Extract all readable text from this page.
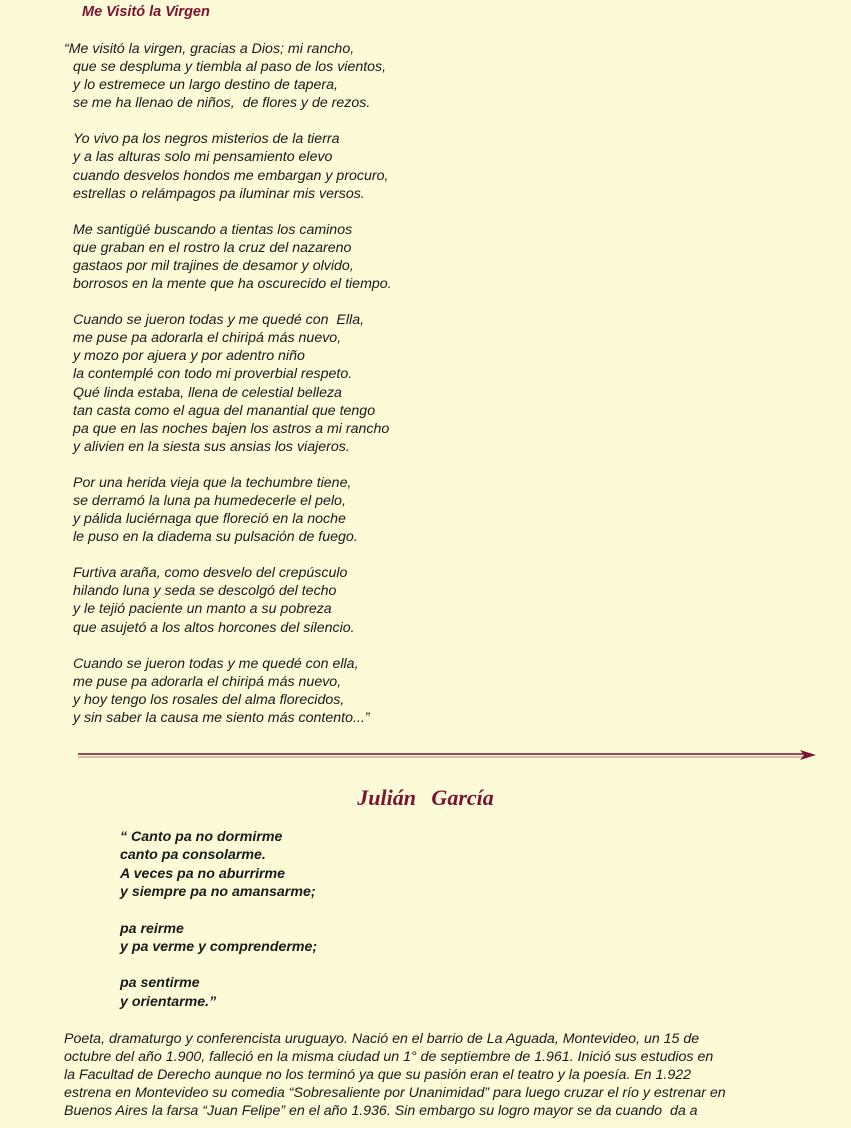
Me Visitó la Virgen
“Me visitó la virgen, gracias a Dios; mi rancho,
que se despluma y tiembla al paso de los vientos,
y lo estremece un largo destino de tapera,
se me ha llenao de niños,  de flores y de rezos.
Yo vivo pa los negros misterios de la tierra
y a las alturas solo mi pensamiento elevo
cuando desvelos hondos me embargan y procuro,
estrellas o relámpagos pa iluminar mis versos.
Me santigüé buscando a tientas los caminos
que graban en el rostro la cruz del nazareno
gastaos por mil trajines de desamor y olvido,
borrosos en la mente que ha oscurecido el tiempo.
Cuando se jueron todas y me quedé con  Ella,
me puse pa adorarla el chiripá más nuevo,
y mozo por ajuera y por adentro niño
la contemplé con todo mi proverbial respeto.
Qué linda estaba, llena de celestial belleza
tan casta como el agua del manantial que tengo
pa que en las noches bajen los astros a mi rancho
y alivien en la siesta sus ansias los viajeros.
Por una herida vieja que la techumbre tiene,
se derramó la luna pa humedecerle el pelo,
y pálida luciérnaga que floreció en la noche
le puso en la diadema su pulsación de fuego.
Furtiva araña, como desvelo del crepúsculo
hilando luna y seda se descolgó del techo
y le tejió paciente un manto a su pobreza
que asujetó a los altos horcones del silencio.
Cuando se jueron todas y me quedé con ella,
me puse pa adorarla el chiripá más nuevo,
y hoy tengo los rosales del alma florecidos,
y sin saber la causa me siento más contento...”
Julián García
“ Canto pa no dormirme
canto pa consolarme.
A veces pa no aburrirme
y siempre pa no amansarme;
pa reirme
y pa verme y comprenderme;
pa sentirme
y orientarme.”
Poeta, dramaturgo y conferencista uruguayo. Nació en el barrio de La Aguada, Montevideo, un 15 de
octubre del año 1.900, falleció en la misma ciudad un 1° de septiembre de 1.961. Inició sus estudios en
la Facultad de Derecho aunque no los terminó ya que su pasión eran el teatro y la poesía. En 1.922
estrena en Montevideo su comedia “Sobresaliente por Unanimidad” para luego cruzar el río y estrenar en
Buenos Aires la farsa “Juan Felipe” en el año 1.936. Sin embargo su logro mayor se da cuando  da a
